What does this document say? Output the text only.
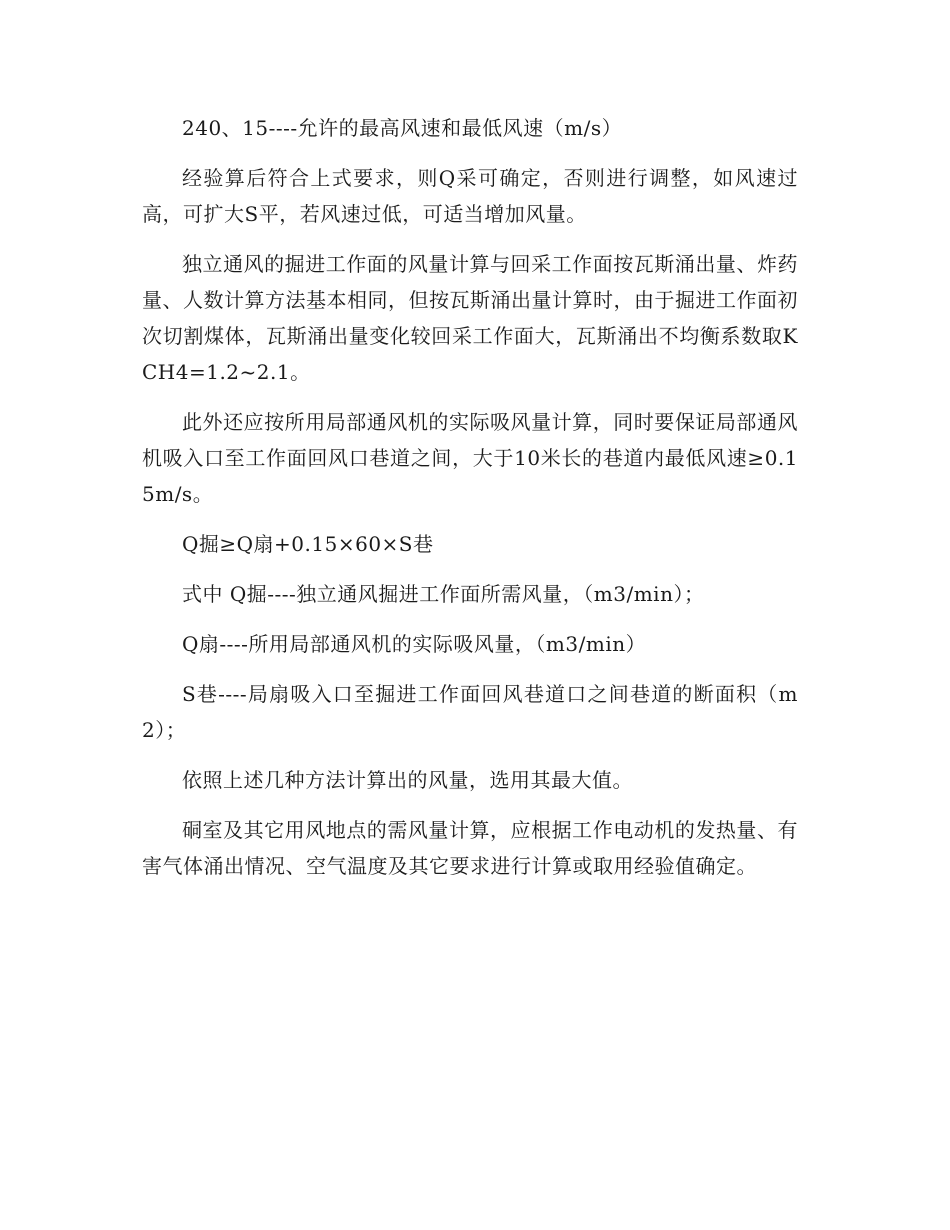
240、15----允许的最高风速和最低风速（m/s）

经验算后符合上式要求，则Q采可确定，否则进行调整，如风速过高，可扩大S平，若风速过低，可适当增加风量。

独立通风的掘进工作面的风量计算与回采工作面按瓦斯涌出量、炸药量、人数计算方法基本相同，但按瓦斯涌出量计算时，由于掘进工作面初次切割煤体，瓦斯涌出量变化较回采工作面大，瓦斯涌出不均衡系数取KCH4=1.2~2.1。

此外还应按所用局部通风机的实际吸风量计算，同时要保证局部通风机吸入口至工作面回风口巷道之间，大于10米长的巷道内最低风速≥0.15m/s。

Q掘≥Q扇+0.15×60×S巷

式中 Q掘----独立通风掘进工作面所需风量，（m3/min）；

Q扇----所用局部通风机的实际吸风量，（m3/min）

S巷----局扇吸入口至掘进工作面回风巷道口之间巷道的断面积（m2）；

依照上述几种方法计算出的风量，选用其最大值。

硐室及其它用风地点的需风量计算，应根据工作电动机的发热量、有害气体涌出情况、空气温度及其它要求进行计算或取用经验值确定。
